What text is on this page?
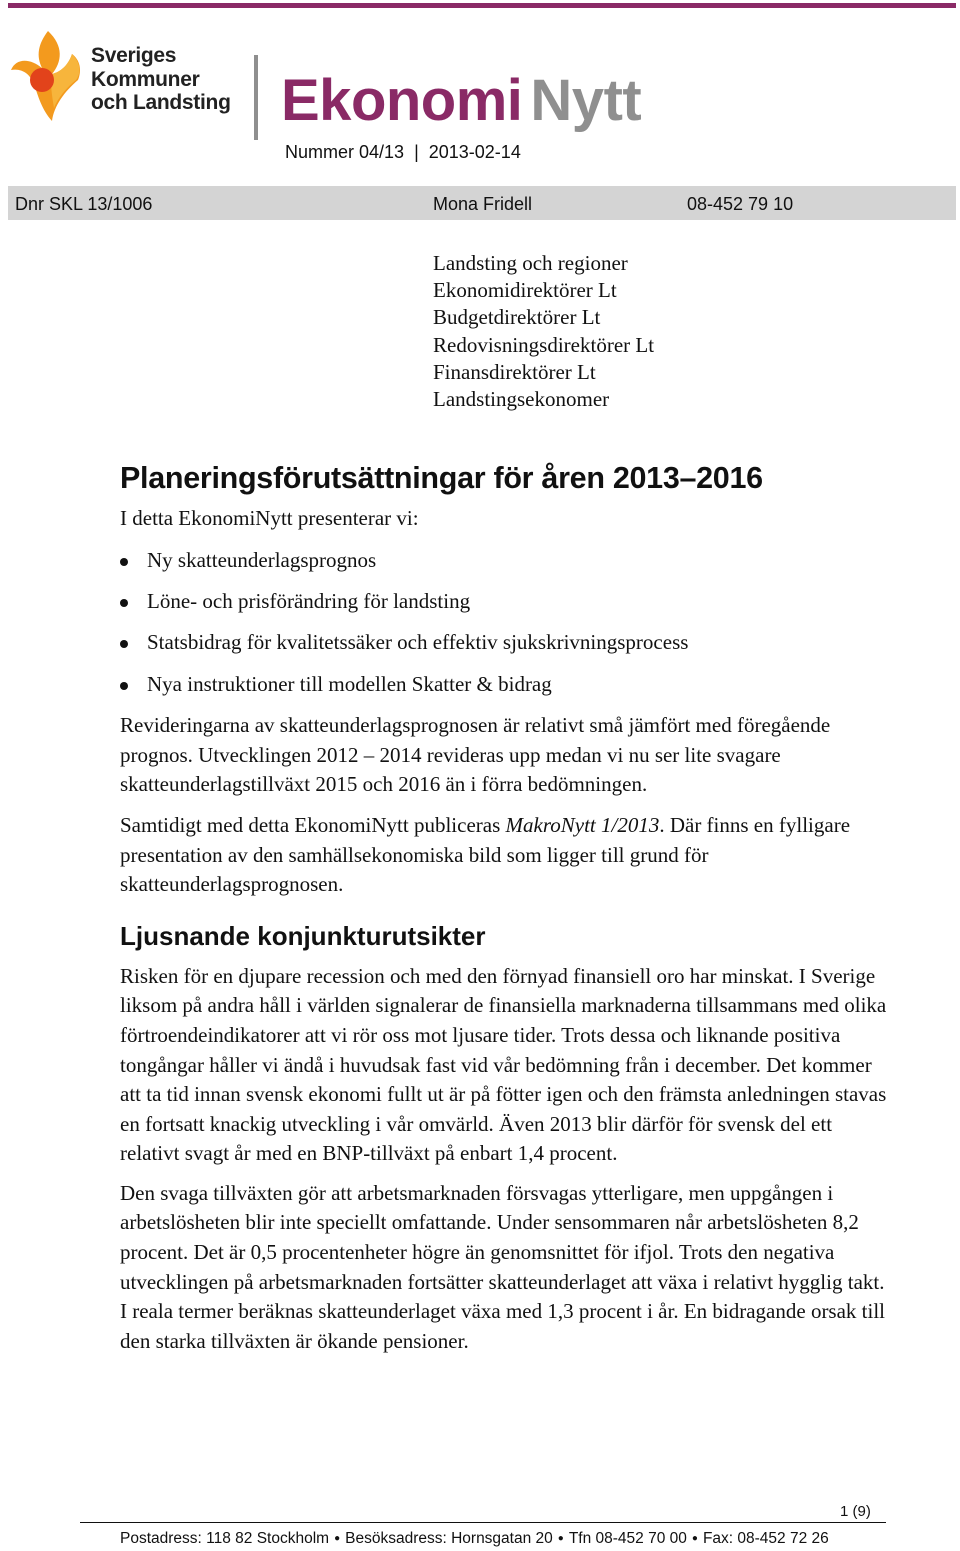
Sveriges
Kommuner
och Landsting Ekonomi Nytt
Nummer 04/13 | 2013-02-14
Dnr SKL 13/1006	Mona Fridell	08-452 79 10
Landsting och regioner
Ekonomidirektörer Lt
Budgetdirektörer Lt
Redovisningsdirektörer Lt
Finansdirektörer Lt
Landstingsekonomer
Planeringsförutsättningar för åren 2013–2016

I detta EkonomiNytt presenterar vi:

Ny skatteunderlagsprognos
Löne- och prisförändring för landsting
Statsbidrag för kvalitetssäker och effektiv sjukskrivningsprocess
Nya instruktioner till modellen Skatter & bidrag

Revideringarna av skatteunderlagsprognosen är relativt små jämfört med föregående prognos. Utvecklingen 2012 – 2014 revideras upp medan vi nu ser lite svagare skatteunderlagstillväxt 2015 och 2016 än i förra bedömningen.

Samtidigt med detta EkonomiNytt publiceras MakroNytt 1/2013. Där finns en fylligare presentation av den samhällsekonomiska bild som ligger till grund för skatteunderlagsprognosen.

Ljusnande konjunkturutsikter

Risken för en djupare recession och med den förnyad finansiell oro har minskat. I Sverige liksom på andra håll i världen signalerar de finansiella marknaderna tillsammans med olika förtroendeindikatorer att vi rör oss mot ljusare tider. Trots dessa och liknande positiva tongångar håller vi ändå i huvudsak fast vid vår bedömning från i december. Det kommer att ta tid innan svensk ekonomi fullt ut är på fötter igen och den främsta anledningen stavas en fortsatt knackig utveckling i vår omvärld. Även 2013 blir därför för svensk del ett relativt svagt år med en BNP-tillväxt på enbart 1,4 procent.

Den svaga tillväxten gör att arbetsmarknaden försvagas ytterligare, men uppgången i arbetslösheten blir inte speciellt omfattande. Under sensommaren når arbetslösheten 8,2 procent. Det är 0,5 procentenheter högre än genomsnittet för ifjol. Trots den negativa utvecklingen på arbetsmarknaden fortsätter skatteunderlaget att växa i relativt hygglig takt. I reala termer beräknas skatteunderlaget växa med 1,3 procent i år. En bidragande orsak till den starka tillväxten är ökande pensioner.

1 (9)
Postadress: 118 82 Stockholm ● Besöksadress: Hornsgatan 20 ● Tfn 08-452 70 00 ● Fax: 08-452 72 26
